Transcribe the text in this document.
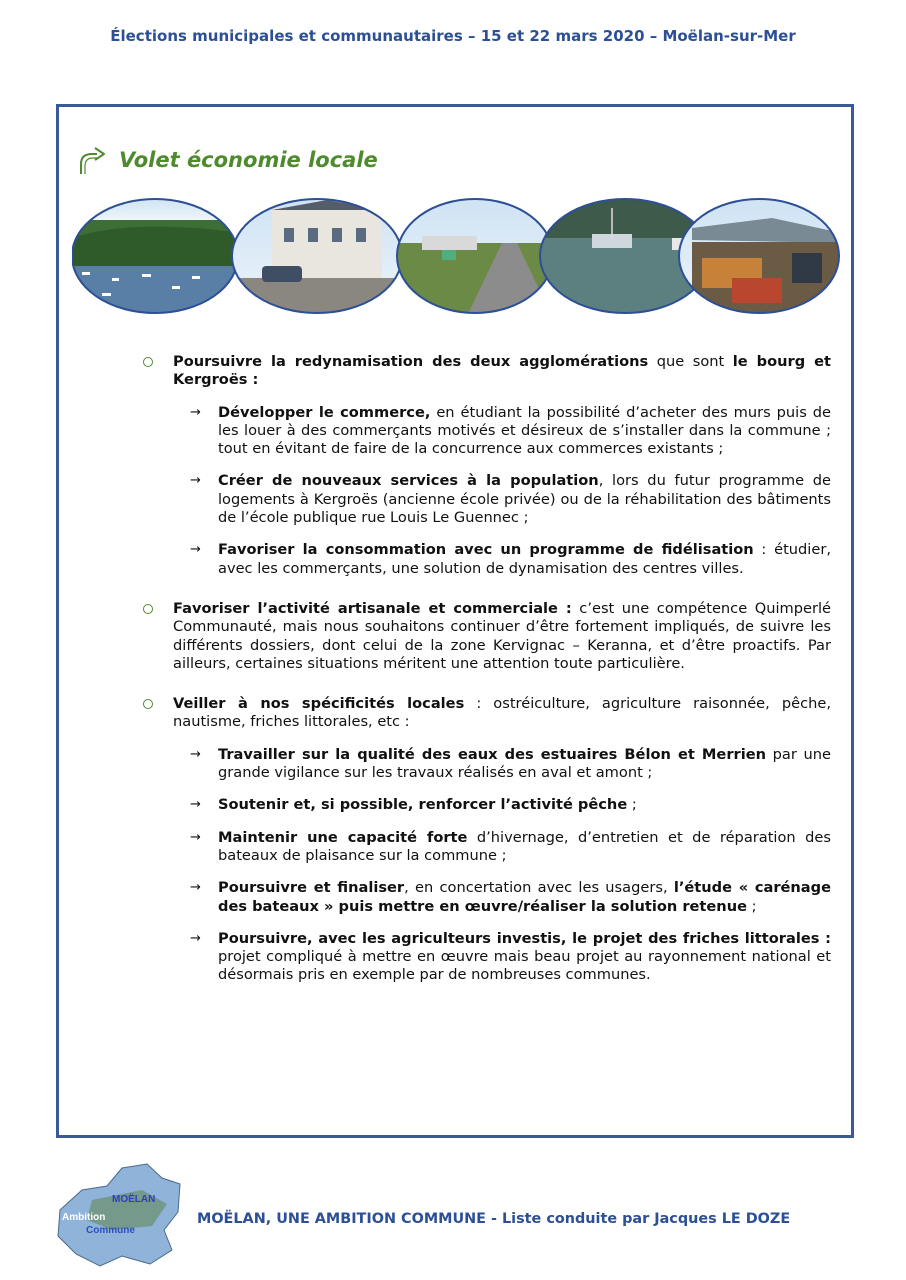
Élections municipales et communautaires – 15 et 22 mars 2020 – Moëlan-sur-Mer
Volet économie locale
Poursuivre la redynamisation des deux agglomérations que sont le bourg et Kergroës :
→ Développer le commerce, en étudiant la possibilité d’acheter des murs puis de les louer à des commerçants motivés et désireux de s’installer dans la commune ; tout en évitant de faire de la concurrence aux commerces existants ;
→ Créer de nouveaux services à la population, lors du futur programme de logements à Kergroës (ancienne école privée) ou de la réhabilitation des bâtiments de l’école publique rue Louis Le Guennec ;
→ Favoriser la consommation avec un programme de fidélisation : étudier, avec les commerçants, une solution de dynamisation des centres villes.
Favoriser l’activité artisanale et commerciale : c’est une compétence Quimperlé Communauté, mais nous souhaitons continuer d’être fortement impliqués, de suivre les différents dossiers, dont celui de la zone Kervignac – Keranna, et d’être proactifs. Par ailleurs, certaines situations méritent une attention toute particulière.
Veiller à nos spécificités locales : ostréiculture, agriculture raisonnée, pêche, nautisme, friches littorales, etc :
→ Travailler sur la qualité des eaux des estuaires Bélon et Merrien par une grande vigilance sur les travaux réalisés en aval et amont ;
→ Soutenir et, si possible, renforcer l’activité pêche ;
→ Maintenir une capacité forte d’hivernage, d’entretien et de réparation des bateaux de plaisance sur la commune ;
→ Poursuivre et finaliser, en concertation avec les usagers, l’étude « carénage des bateaux » puis mettre en œuvre/réaliser la solution retenue ;
→ Poursuivre, avec les agriculteurs investis, le projet des friches littorales : projet compliqué à mettre en œuvre mais beau projet au rayonnement national et désormais pris en exemple par de nombreuses communes.
MOËLAN
Ambition
Commune
MOËLAN, UNE AMBITION COMMUNE - Liste conduite par Jacques LE DOZE
